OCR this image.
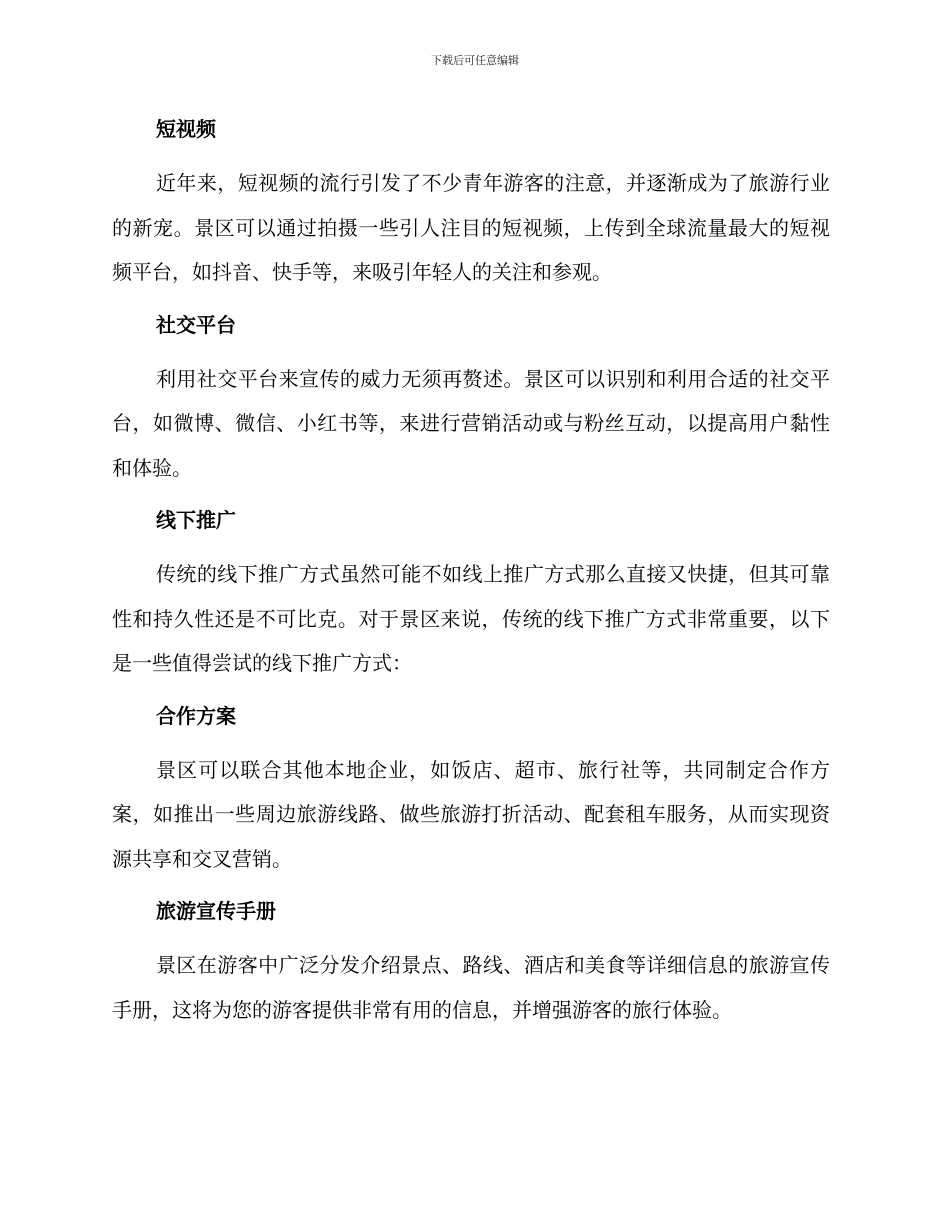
下载后可任意编辑
短视频

近年来，短视频的流行引发了不少青年游客的注意，并逐渐成为了旅游行业的新宠。景区可以通过拍摄一些引人注目的短视频，上传到全球流量最大的短视频平台，如抖音、快手等，来吸引年轻人的关注和参观。

社交平台

利用社交平台来宣传的威力无须再赘述。景区可以识别和利用合适的社交平台，如微博、微信、小红书等，来进行营销活动或与粉丝互动，以提高用户黏性和体验。

线下推广

传统的线下推广方式虽然可能不如线上推广方式那么直接又快捷，但其可靠性和持久性还是不可比克。对于景区来说，传统的线下推广方式非常重要，以下是一些值得尝试的线下推广方式：

合作方案

景区可以联合其他本地企业，如饭店、超市、旅行社等，共同制定合作方案，如推出一些周边旅游线路、做些旅游打折活动、配套租车服务，从而实现资源共享和交叉营销。

旅游宣传手册

景区在游客中广泛分发介绍景点、路线、酒店和美食等详细信息的旅游宣传手册，这将为您的游客提供非常有用的信息，并增强游客的旅行体验。
